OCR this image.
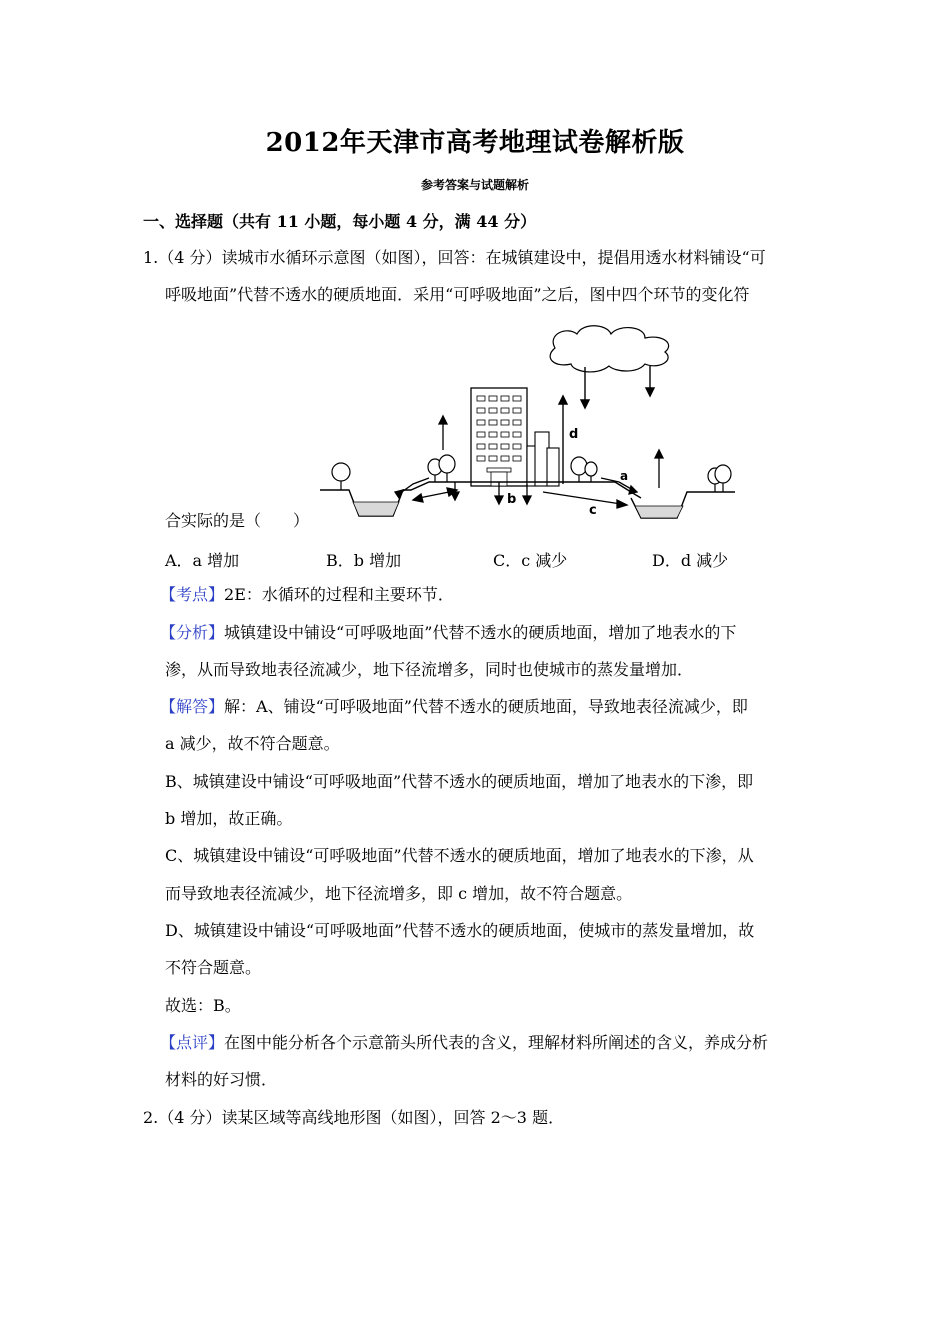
2012年天津市高考地理试卷解析版
参考答案与试题解析
一、选择题（共有 11 小题，每小题 4 分，满 44 分）
1.（4 分）读城市水循环示意图（如图），回答：在城镇建设中，提倡用透水材料铺设“可
呼吸地面”代替不透水的硬质地面．采用“可呼吸地面”之后，图中四个环节的变化符
d
a
b
c
合实际的是（　　）
A．a 增加	B．b 增加	C．c 减少	D．d 减少
【考点】2E：水循环的过程和主要环节．
【分析】城镇建设中铺设“可呼吸地面”代替不透水的硬质地面，增加了地表水的下
渗，从而导致地表径流减少，地下径流增多，同时也使城市的蒸发量增加．
【解答】解：A、铺设“可呼吸地面”代替不透水的硬质地面，导致地表径流减少，即
a 减少，故不符合题意。
B、城镇建设中铺设“可呼吸地面”代替不透水的硬质地面，增加了地表水的下渗，即
b 增加，故正确。
C、城镇建设中铺设“可呼吸地面”代替不透水的硬质地面，增加了地表水的下渗，从
而导致地表径流减少，地下径流增多，即 c 增加，故不符合题意。
D、城镇建设中铺设“可呼吸地面”代替不透水的硬质地面，使城市的蒸发量增加，故
不符合题意。
故选：B。
【点评】在图中能分析各个示意箭头所代表的含义，理解材料所阐述的含义，养成分析
材料的好习惯．
2.（4 分）读某区域等高线地形图（如图），回答 2～3 题．
